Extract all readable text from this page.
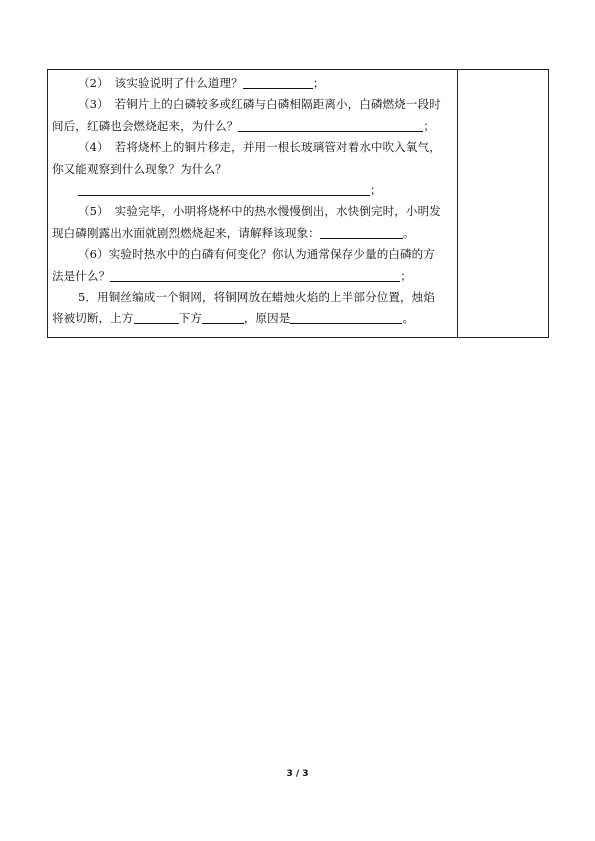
（2）　该实验说明了什么道理？	；
（3）　若铜片上的白磷较多或红磷与白磷相隔距离小，白磷燃烧一段时
间后，红磷也会燃烧起来，为什么？	；
（4）　若将烧杯上的铜片移走，并用一根长玻璃管对着水中吹入氧气，
你又能观察到什么现象？为什么？
；
（5）　实验完毕，小明将烧杯中的热水慢慢倒出，水快倒完时，小明发
现白磷刚露出水面就剧烈燃烧起来，请解释该现象：	。
（6）实验时热水中的白磷有何变化？你认为通常保存少量的白磷的方
法是什么？	；
5．用铜丝编成一个铜网，将铜网放在蜡烛火焰的上半部分位置，烛焰
将被切断，上方	下方	，原因是	。
3 / 3
